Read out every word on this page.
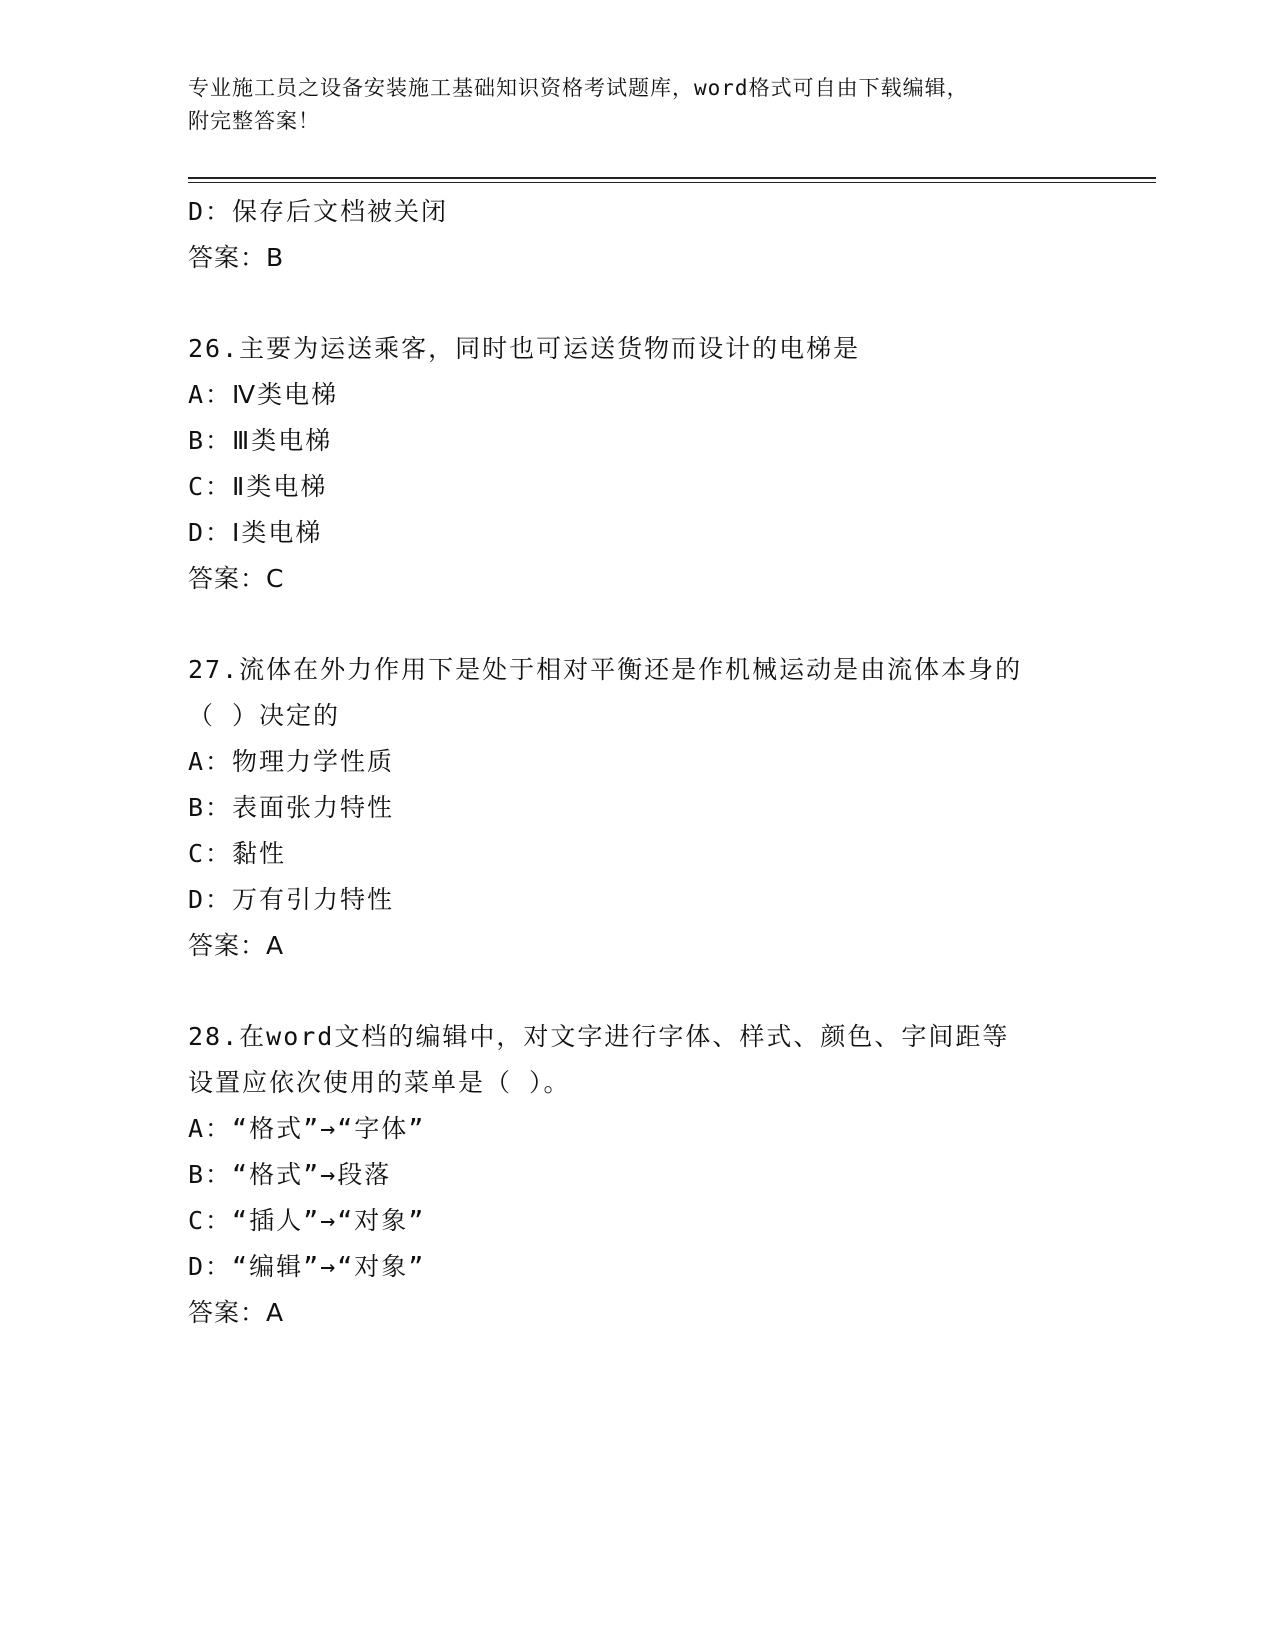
专业施工员之设备安装施工基础知识资格考试题库，word格式可自由下载编辑，
附完整答案！
D：保存后文档被关闭
答案：B
26.主要为运送乘客，同时也可运送货物而设计的电梯是
A：Ⅳ类电梯
B：Ⅲ类电梯
C：Ⅱ类电梯
D：Ⅰ类电梯
答案：C
27.流体在外力作用下是处于相对平衡还是作机械运动是由流体本身的
（ ）决定的
A：物理力学性质
B：表面张力特性
C：黏性
D：万有引力特性
答案：A
28.在word文档的编辑中，对文字进行字体、样式、颜色、字间距等
设置应依次使用的菜单是（ ）。
A：“格式”→“字体”
B：“格式”→段落
C：“插人”→“对象”
D：“编辑”→“对象”
答案：A
